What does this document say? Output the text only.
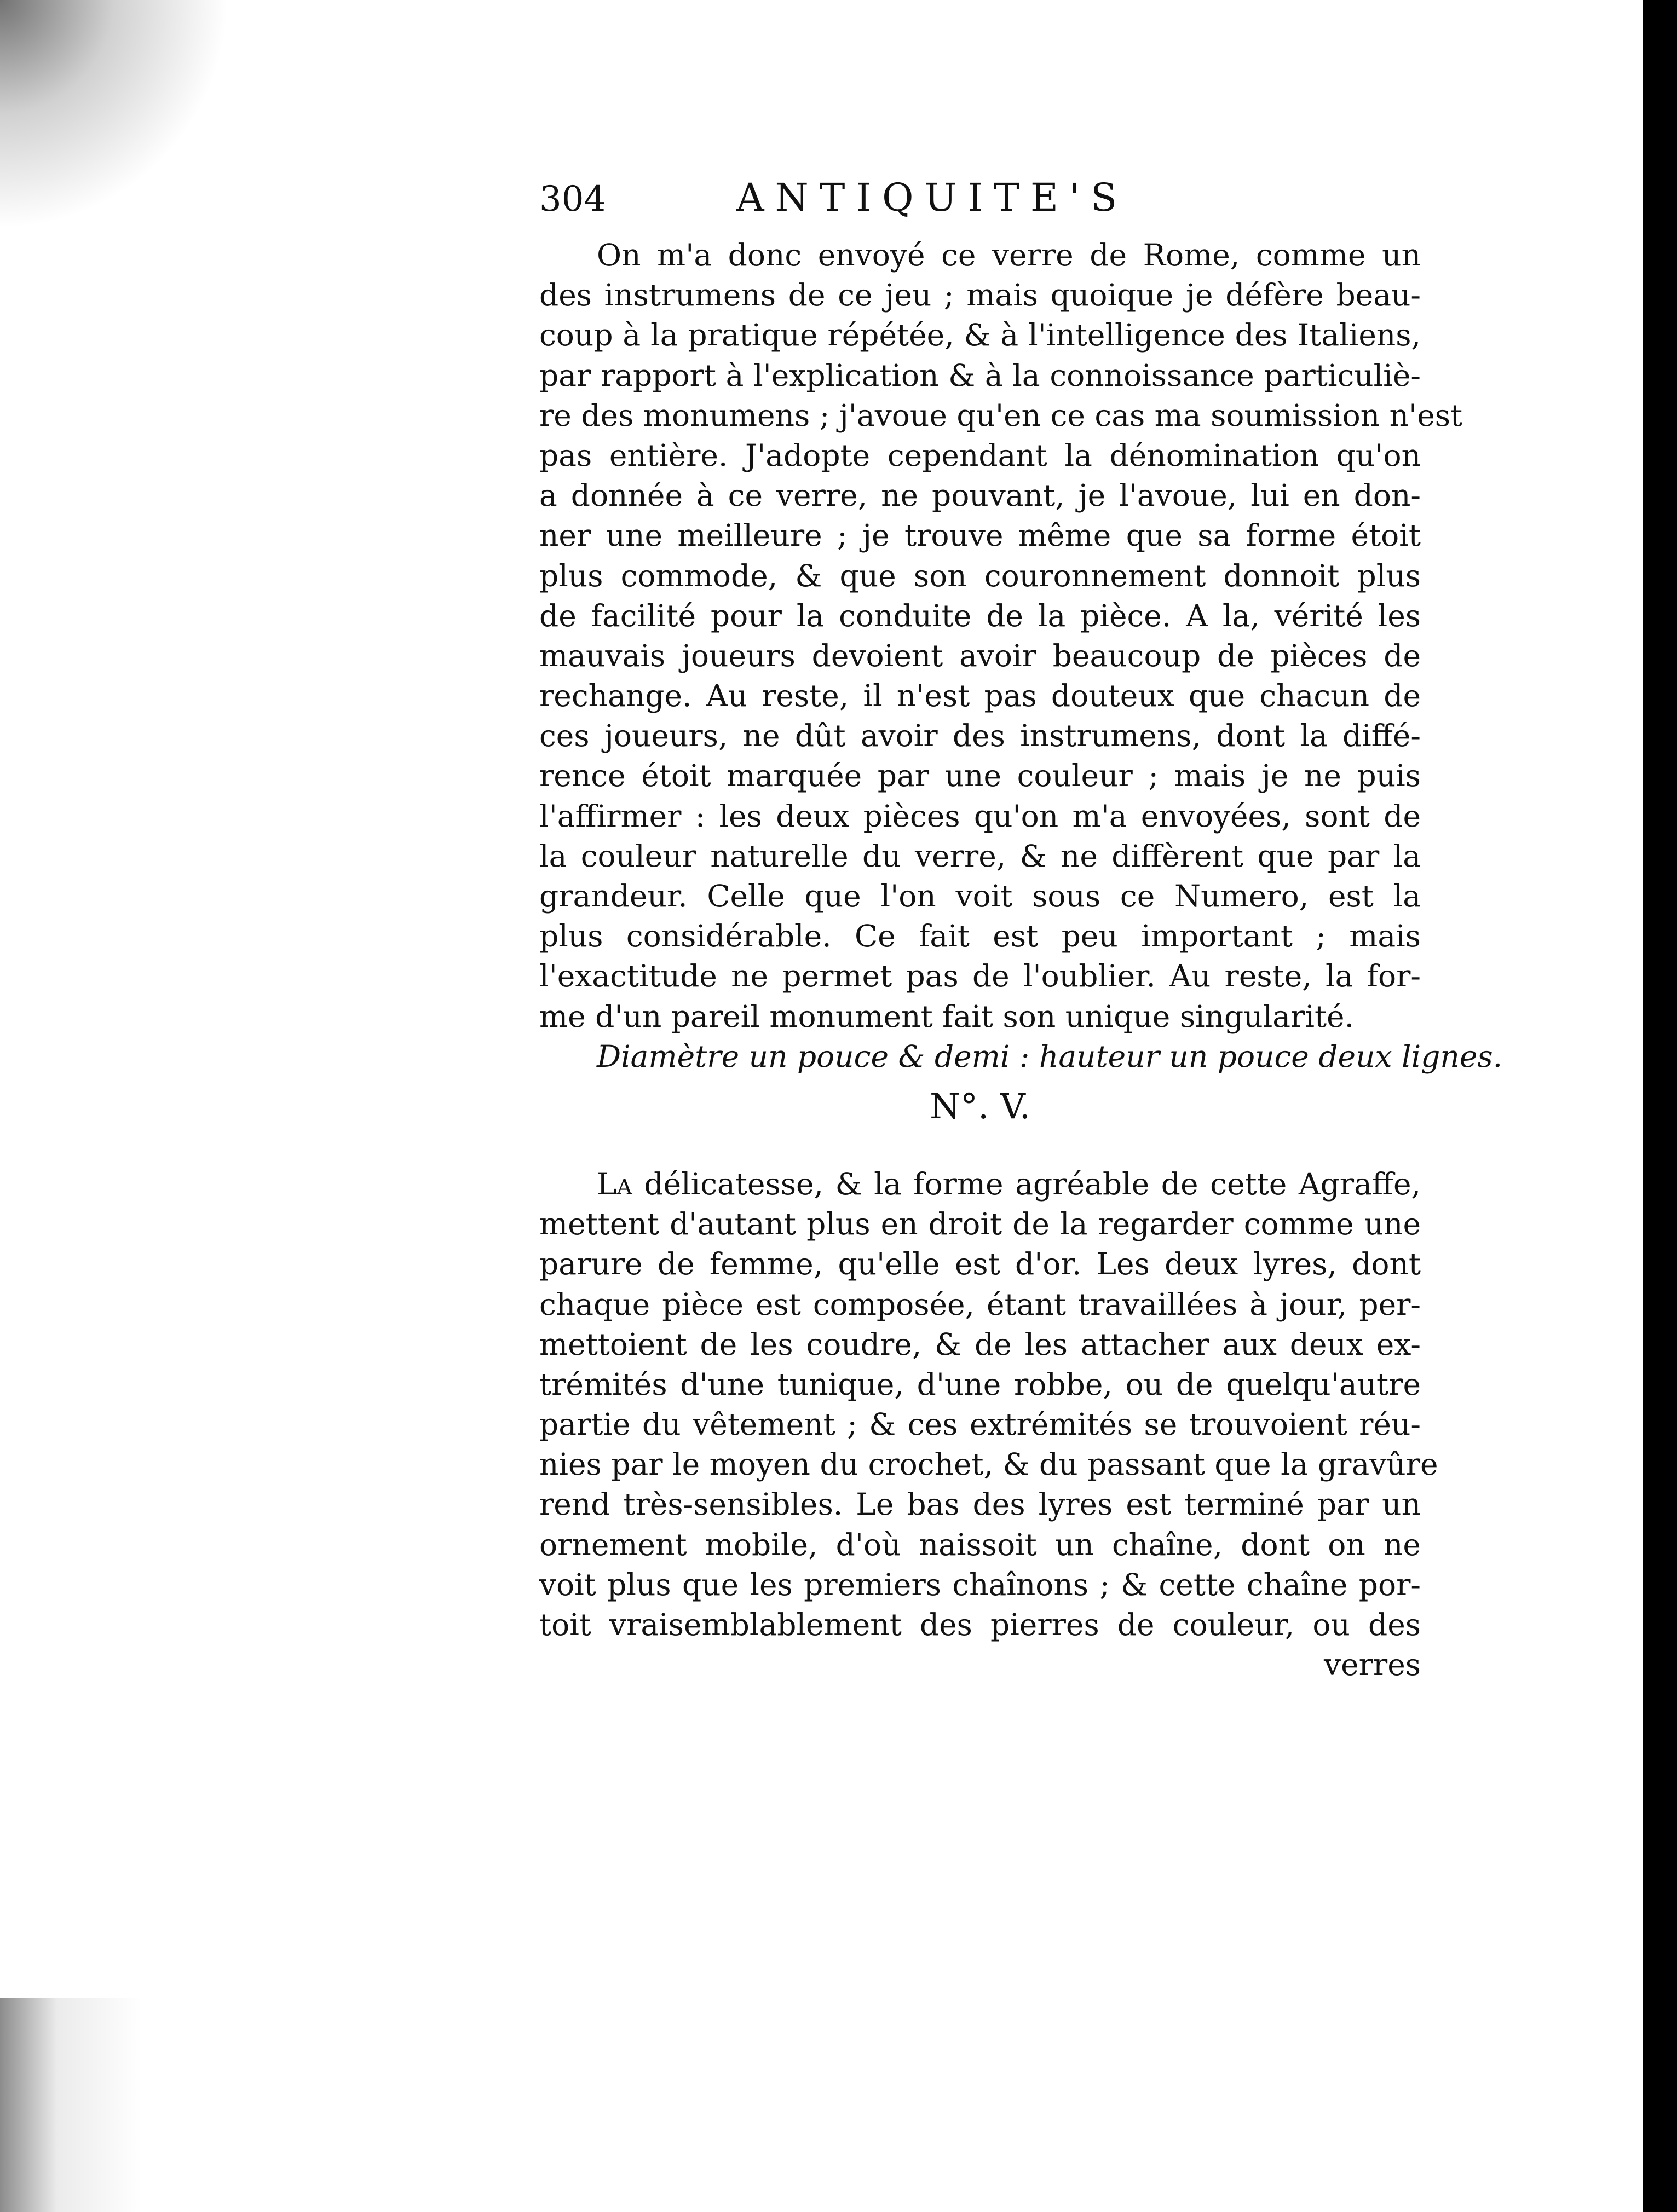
304	ANTIQUITE'S
On m'a donc envoyé ce verre de Rome, comme un
des instrumens de ce jeu ; mais quoique je défère beau-
coup à la pratique répétée, & à l'intelligence des Italiens,
par rapport à l'explication & à la connoissance particuliè-
re des monumens ; j'avoue qu'en ce cas ma soumission n'est
pas entière. J'adopte cependant la dénomination qu'on
a donnée à ce verre, ne pouvant, je l'avoue, lui en don-
ner une meilleure ; je trouve même que sa forme étoit
plus commode, & que son couronnement donnoit plus
de facilité pour la conduite de la pièce. A la, vérité les
mauvais joueurs devoient avoir beaucoup de pièces de
rechange. Au reste, il n'est pas douteux que chacun de
ces joueurs, ne dût avoir des instrumens, dont la diffé-
rence étoit marquée par une couleur ; mais je ne puis
l'affirmer : les deux pièces qu'on m'a envoyées, sont de
la couleur naturelle du verre, & ne diffèrent que par la
grandeur. Celle que l'on voit sous ce Numero, est la
plus considérable. Ce fait est peu important ; mais
l'exactitude ne permet pas de l'oublier. Au reste, la for-
me d'un pareil monument fait son unique singularité.
Diamètre un pouce & demi : hauteur un pouce deux lignes.
N°. V.
La délicatesse, & la forme agréable de cette Agraffe,
mettent d'autant plus en droit de la regarder comme une
parure de femme, qu'elle est d'or. Les deux lyres, dont
chaque pièce est composée, étant travaillées à jour, per-
mettoient de les coudre, & de les attacher aux deux ex-
trémités d'une tunique, d'une robbe, ou de quelqu'autre
partie du vêtement ; & ces extrémités se trouvoient réu-
nies par le moyen du crochet, & du passant que la gravûre
rend très-sensibles. Le bas des lyres est terminé par un
ornement mobile, d'où naissoit un chaîne, dont on ne
voit plus que les premiers chaînons ; & cette chaîne por-
toit vraisemblablement des pierres de couleur, ou des
verres
